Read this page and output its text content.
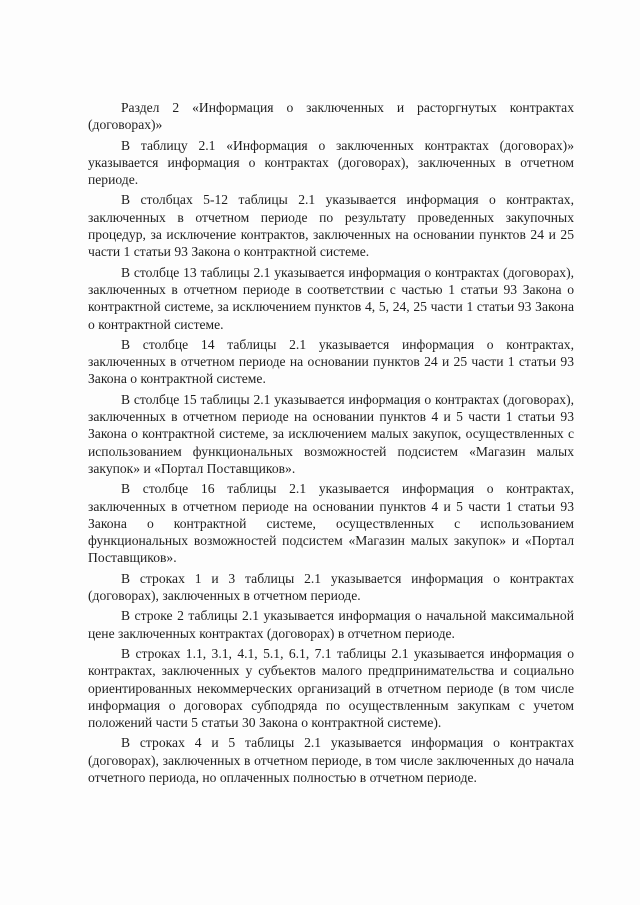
Раздел 2 «Информация о заключенных и расторгнутых контрактах (договорах)»

В таблицу 2.1 «Информация о заключенных контрактах (договорах)» указывается информация о контрактах (договорах), заключенных в отчетном периоде.

В столбцах 5-12 таблицы 2.1 указывается информация о контрактах, заключенных в отчетном периоде по результату проведенных закупочных процедур, за исключение контрактов, заключенных на основании пунктов 24 и 25 части 1 статьи 93 Закона о контрактной системе.

В столбце 13 таблицы 2.1 указывается информация о контрактах (договорах), заключенных в отчетном периоде в соответствии с частью 1 статьи 93 Закона о контрактной системе, за исключением пунктов 4, 5, 24, 25 части 1 статьи 93 Закона о контрактной системе.

В столбце 14 таблицы 2.1 указывается информация о контрактах, заключенных в отчетном периоде на основании пунктов 24 и 25 части 1 статьи 93 Закона о контрактной системе.

В столбце 15 таблицы 2.1 указывается информация о контрактах (договорах), заключенных в отчетном периоде на основании пунктов 4 и 5 части 1 статьи 93 Закона о контрактной системе, за исключением малых закупок, осуществленных с использованием функциональных возможностей подсистем «Магазин малых закупок» и «Портал Поставщиков».

В столбце 16 таблицы 2.1 указывается информация о контрактах, заключенных в отчетном периоде на основании пунктов 4 и 5 части 1 статьи 93 Закона о контрактной системе, осуществленных с использованием функциональных возможностей подсистем «Магазин малых закупок» и «Портал Поставщиков».

В строках 1 и 3 таблицы 2.1 указывается информация о контрактах (договорах), заключенных в отчетном периоде.

В строке 2 таблицы 2.1 указывается информация о начальной максимальной цене заключенных контрактах (договорах) в отчетном периоде.

В строках 1.1, 3.1, 4.1, 5.1, 6.1, 7.1 таблицы 2.1 указывается информация о контрактах, заключенных у субъектов малого предпринимательства и социально ориентированных некоммерческих организаций в отчетном периоде (в том числе информация о договорах субподряда по осуществленным закупкам с учетом положений части 5 статьи 30 Закона о контрактной системе).

В строках 4 и 5 таблицы 2.1 указывается информация о контрактах (договорах), заключенных в отчетном периоде, в том числе заключенных до начала отчетного периода, но оплаченных полностью в отчетном периоде.
